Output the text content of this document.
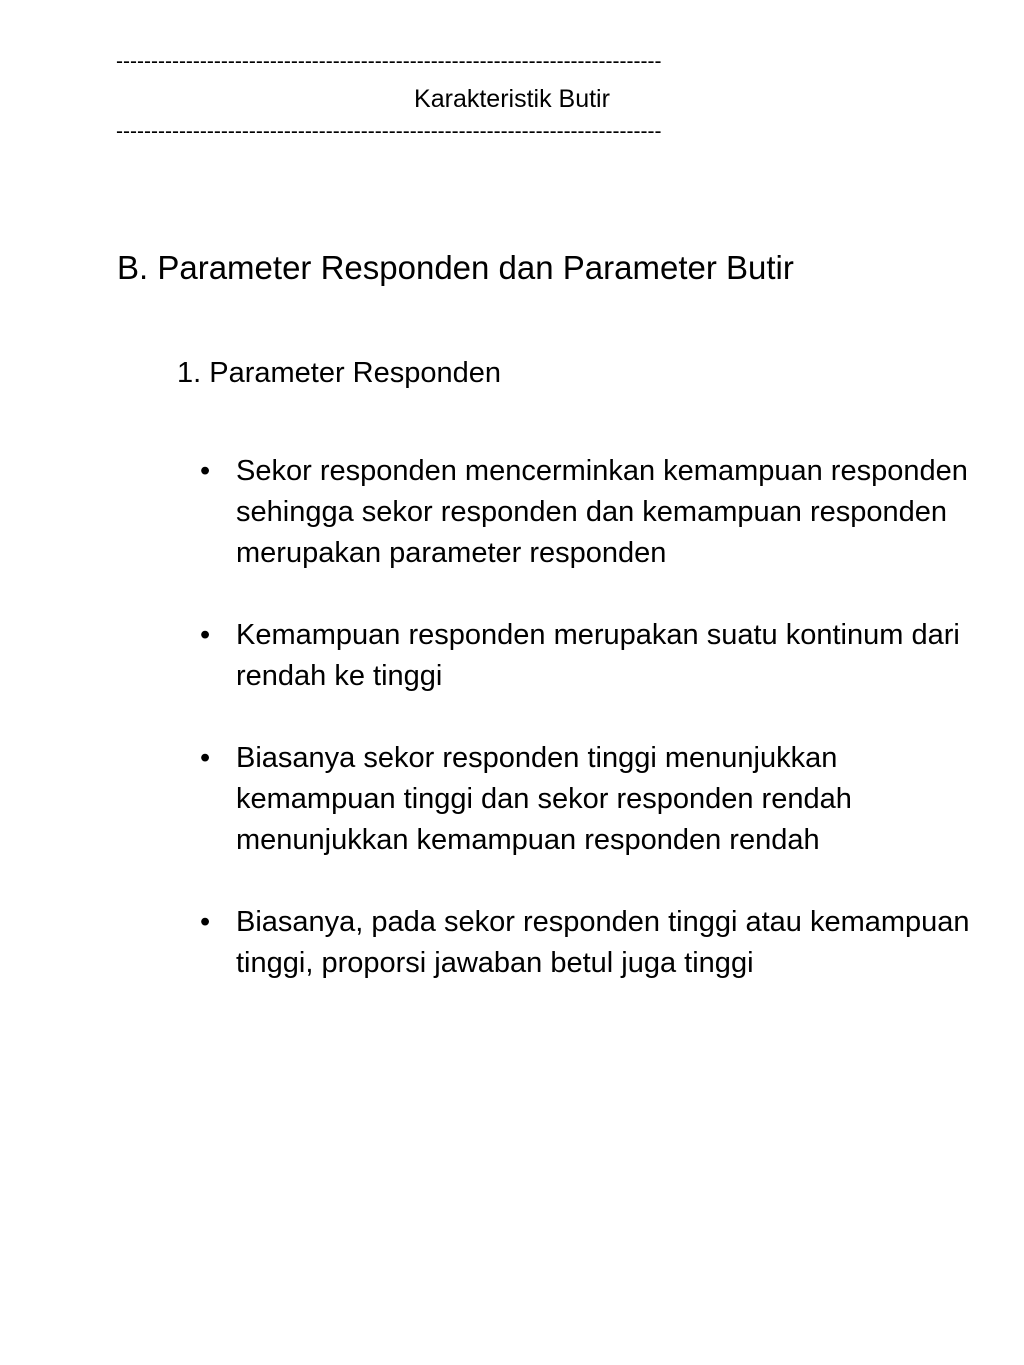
------------------------------------------------------------------------------
Karakteristik Butir
------------------------------------------------------------------------------
B. Parameter Responden dan Parameter Butir
1. Parameter Responden
• Sekor responden mencerminkan kemampuan responden sehingga sekor responden dan kemampuan responden merupakan parameter responden
• Kemampuan responden merupakan suatu kontinum dari rendah ke tinggi
• Biasanya sekor responden tinggi menunjukkan kemampuan tinggi dan sekor responden rendah menunjukkan kemampuan responden rendah
• Biasanya, pada sekor responden tinggi atau kemampuan tinggi, proporsi jawaban betul juga tinggi
